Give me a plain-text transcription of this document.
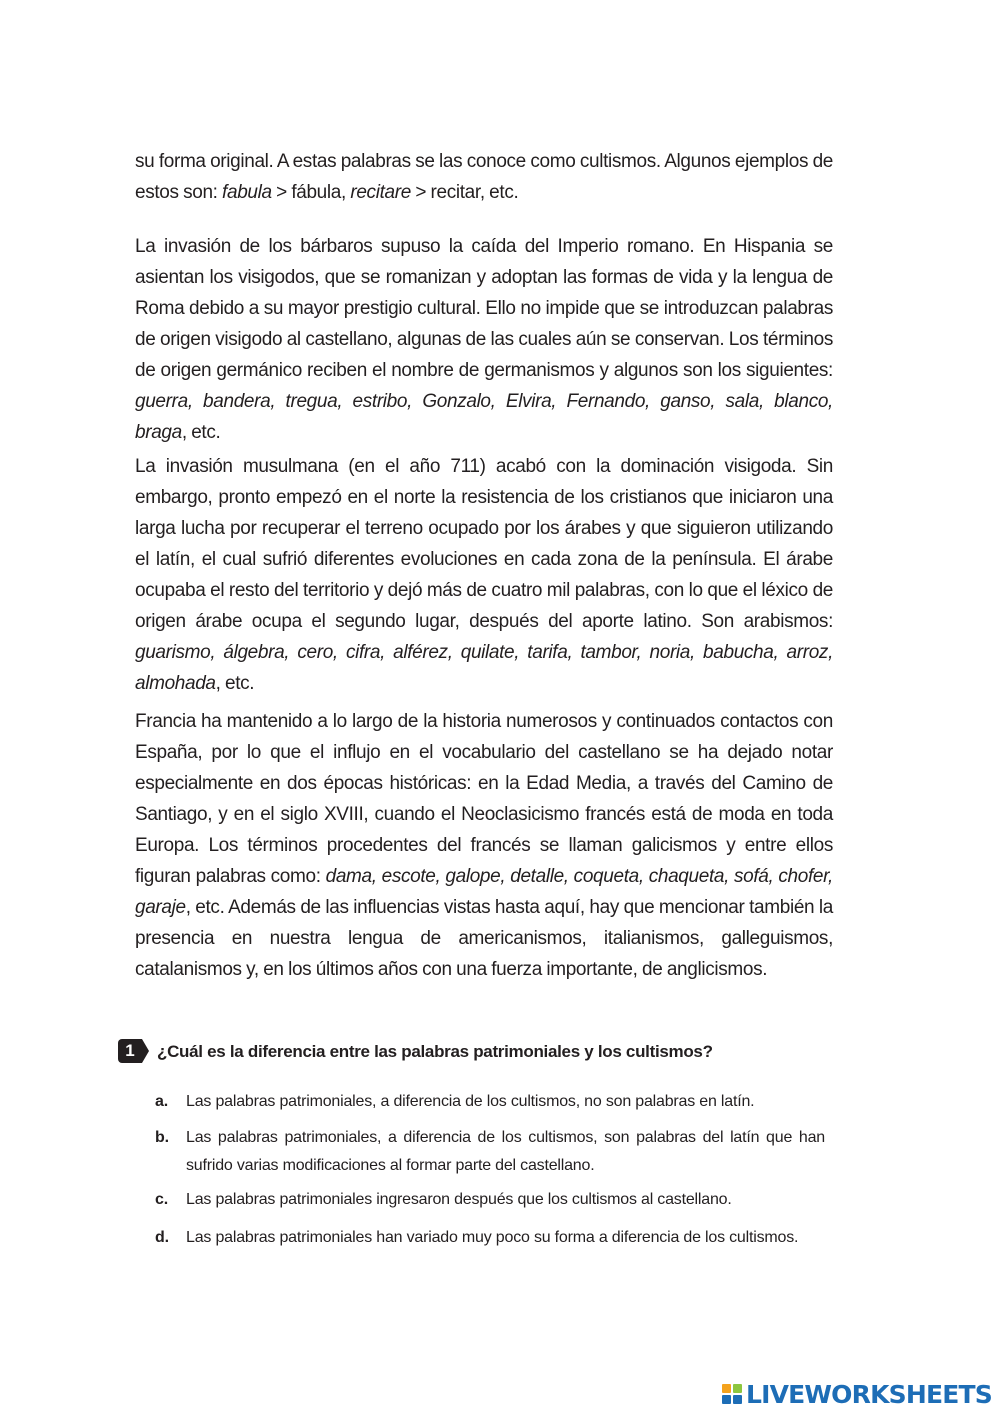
su forma original. A estas palabras se las conoce como cultismos. Algunos ejemplos de estos son: fabula > fábula, recitare > recitar, etc.
La invasión de los bárbaros supuso la caída del Imperio romano. En Hispania se asientan los visigodos, que se romanizan y adoptan las formas de vida y la lengua de Roma debido a su mayor prestigio cultural. Ello no impide que se introduzcan palabras de origen visigodo al castellano, algunas de las cuales aún se conservan. Los términos de origen germánico reciben el nombre de germanismos y algunos son los siguientes: guerra, bandera, tregua, estribo, Gonzalo, Elvira, Fernando, ganso, sala, blanco, braga, etc.
La invasión musulmana (en el año 711) acabó con la dominación visigoda. Sin embargo, pronto empezó en el norte la resistencia de los cristianos que iniciaron una larga lucha por recuperar el terreno ocupado por los árabes y que siguieron utilizando el latín, el cual sufrió diferentes evoluciones en cada zona de la península. El árabe ocupaba el resto del territorio y dejó más de cuatro mil palabras, con lo que el léxico de origen árabe ocupa el segundo lugar, después del aporte latino. Son arabismos: guarismo, álgebra, cero, cifra, alférez, quilate, tarifa, tambor, noria, babucha, arroz, almohada, etc.
Francia ha mantenido a lo largo de la historia numerosos y continuados contactos con España, por lo que el influjo en el vocabulario del castellano se ha dejado notar especialmente en dos épocas históricas: en la Edad Media, a través del Camino de Santiago, y en el siglo XVIII, cuando el Neoclasicismo francés está de moda en toda Europa. Los términos procedentes del francés se llaman galicismos y entre ellos figuran palabras como: dama, escote, galope, detalle, coqueta, chaqueta, sofá, chofer, garaje, etc. Además de las influencias vistas hasta aquí, hay que mencionar también la presencia en nuestra lengua de americanismos, italianismos, galleguismos, catalanismos y, en los últimos años con una fuerza importante, de anglicismos.
1	¿Cuál es la diferencia entre las palabras patrimoniales y los cultismos?
a.	Las palabras patrimoniales, a diferencia de los cultismos, no son palabras en latín.
b.	Las palabras patrimoniales, a diferencia de los cultismos, son palabras del latín que han sufrido varias modificaciones al formar parte del castellano.
c.	Las palabras patrimoniales ingresaron después que los cultismos al castellano.
d.	Las palabras patrimoniales han variado muy poco su forma a diferencia de los cultismos.
LIVEWORKSHEETS
